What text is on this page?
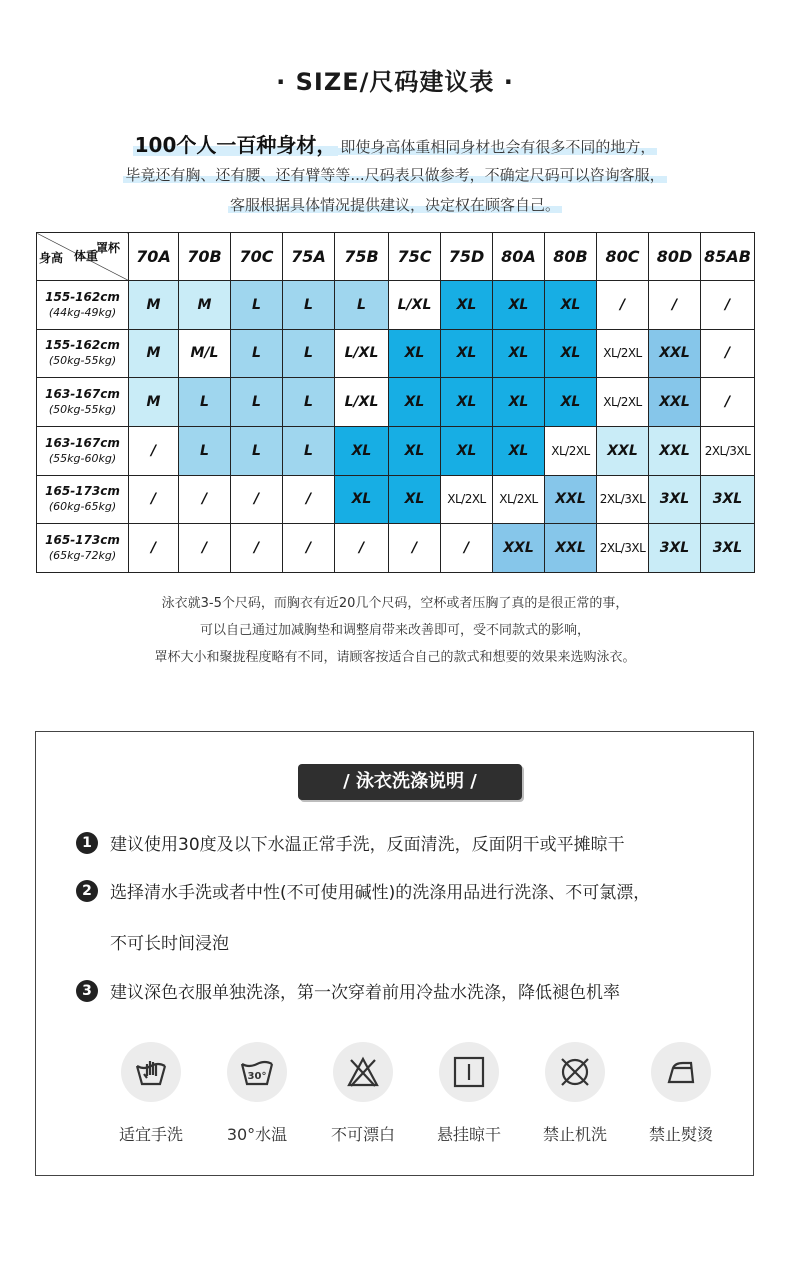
· SIZE/尺码建议表 ·
100个人一百种身材， 即使身高体重相同身材也会有很多不同的地方，
毕竟还有胸、还有腰、还有臂等等...尺码表只做参考，不确定尺码可以咨询客服，
客服根据具体情况提供建议，决定权在顾客自己。
罩杯
身高 体重	70A	70B	70C	75A	75B	75C	75D	80A	80B	80C	80D	85AB

155-162cm
(44kg-49kg)	M	M	L	L	L	L/XL	XL	XL	XL	/	/	/

155-162cm
(50kg-55kg)	M	M/L	L	L	L/XL	XL	XL	XL	XL	XL/2XL	XXL	/

163-167cm
(50kg-55kg)	M	L	L	L	L/XL	XL	XL	XL	XL	XL/2XL	XXL	/

163-167cm
(55kg-60kg)	/	L	L	L	XL	XL	XL	XL	XL/2XL	XXL	XXL	2XL/3XL

165-173cm
(60kg-65kg)	/	/	/	/	XL	XL	XL/2XL	XL/2XL	XXL	2XL/3XL	3XL	3XL

165-173cm
(65kg-72kg)	/	/	/	/	/	/	/	XXL	XXL	2XL/3XL	3XL	3XL
泳衣就3-5个尺码，而胸衣有近20几个尺码，空杯或者压胸了真的是很正常的事，
可以自己通过加减胸垫和调整肩带来改善即可，受不同款式的影响，
罩杯大小和聚拢程度略有不同，请顾客按适合自己的款式和想要的效果来选购泳衣。
/ 泳衣洗涤说明 /
1	建议使用30度及以下水温正常手洗，反面清洗，反面阴干或平摊晾干
2	选择清水手洗或者中性(不可使用碱性)的洗涤用品进行洗涤、不可氯漂，
不可长时间浸泡
3	建议深色衣服单独洗涤，第一次穿着前用冷盐水洗涤，降低褪色机率
适宜手洗
30°
30°水温	不可漂白	悬挂晾干	禁止机洗	禁止熨烫
